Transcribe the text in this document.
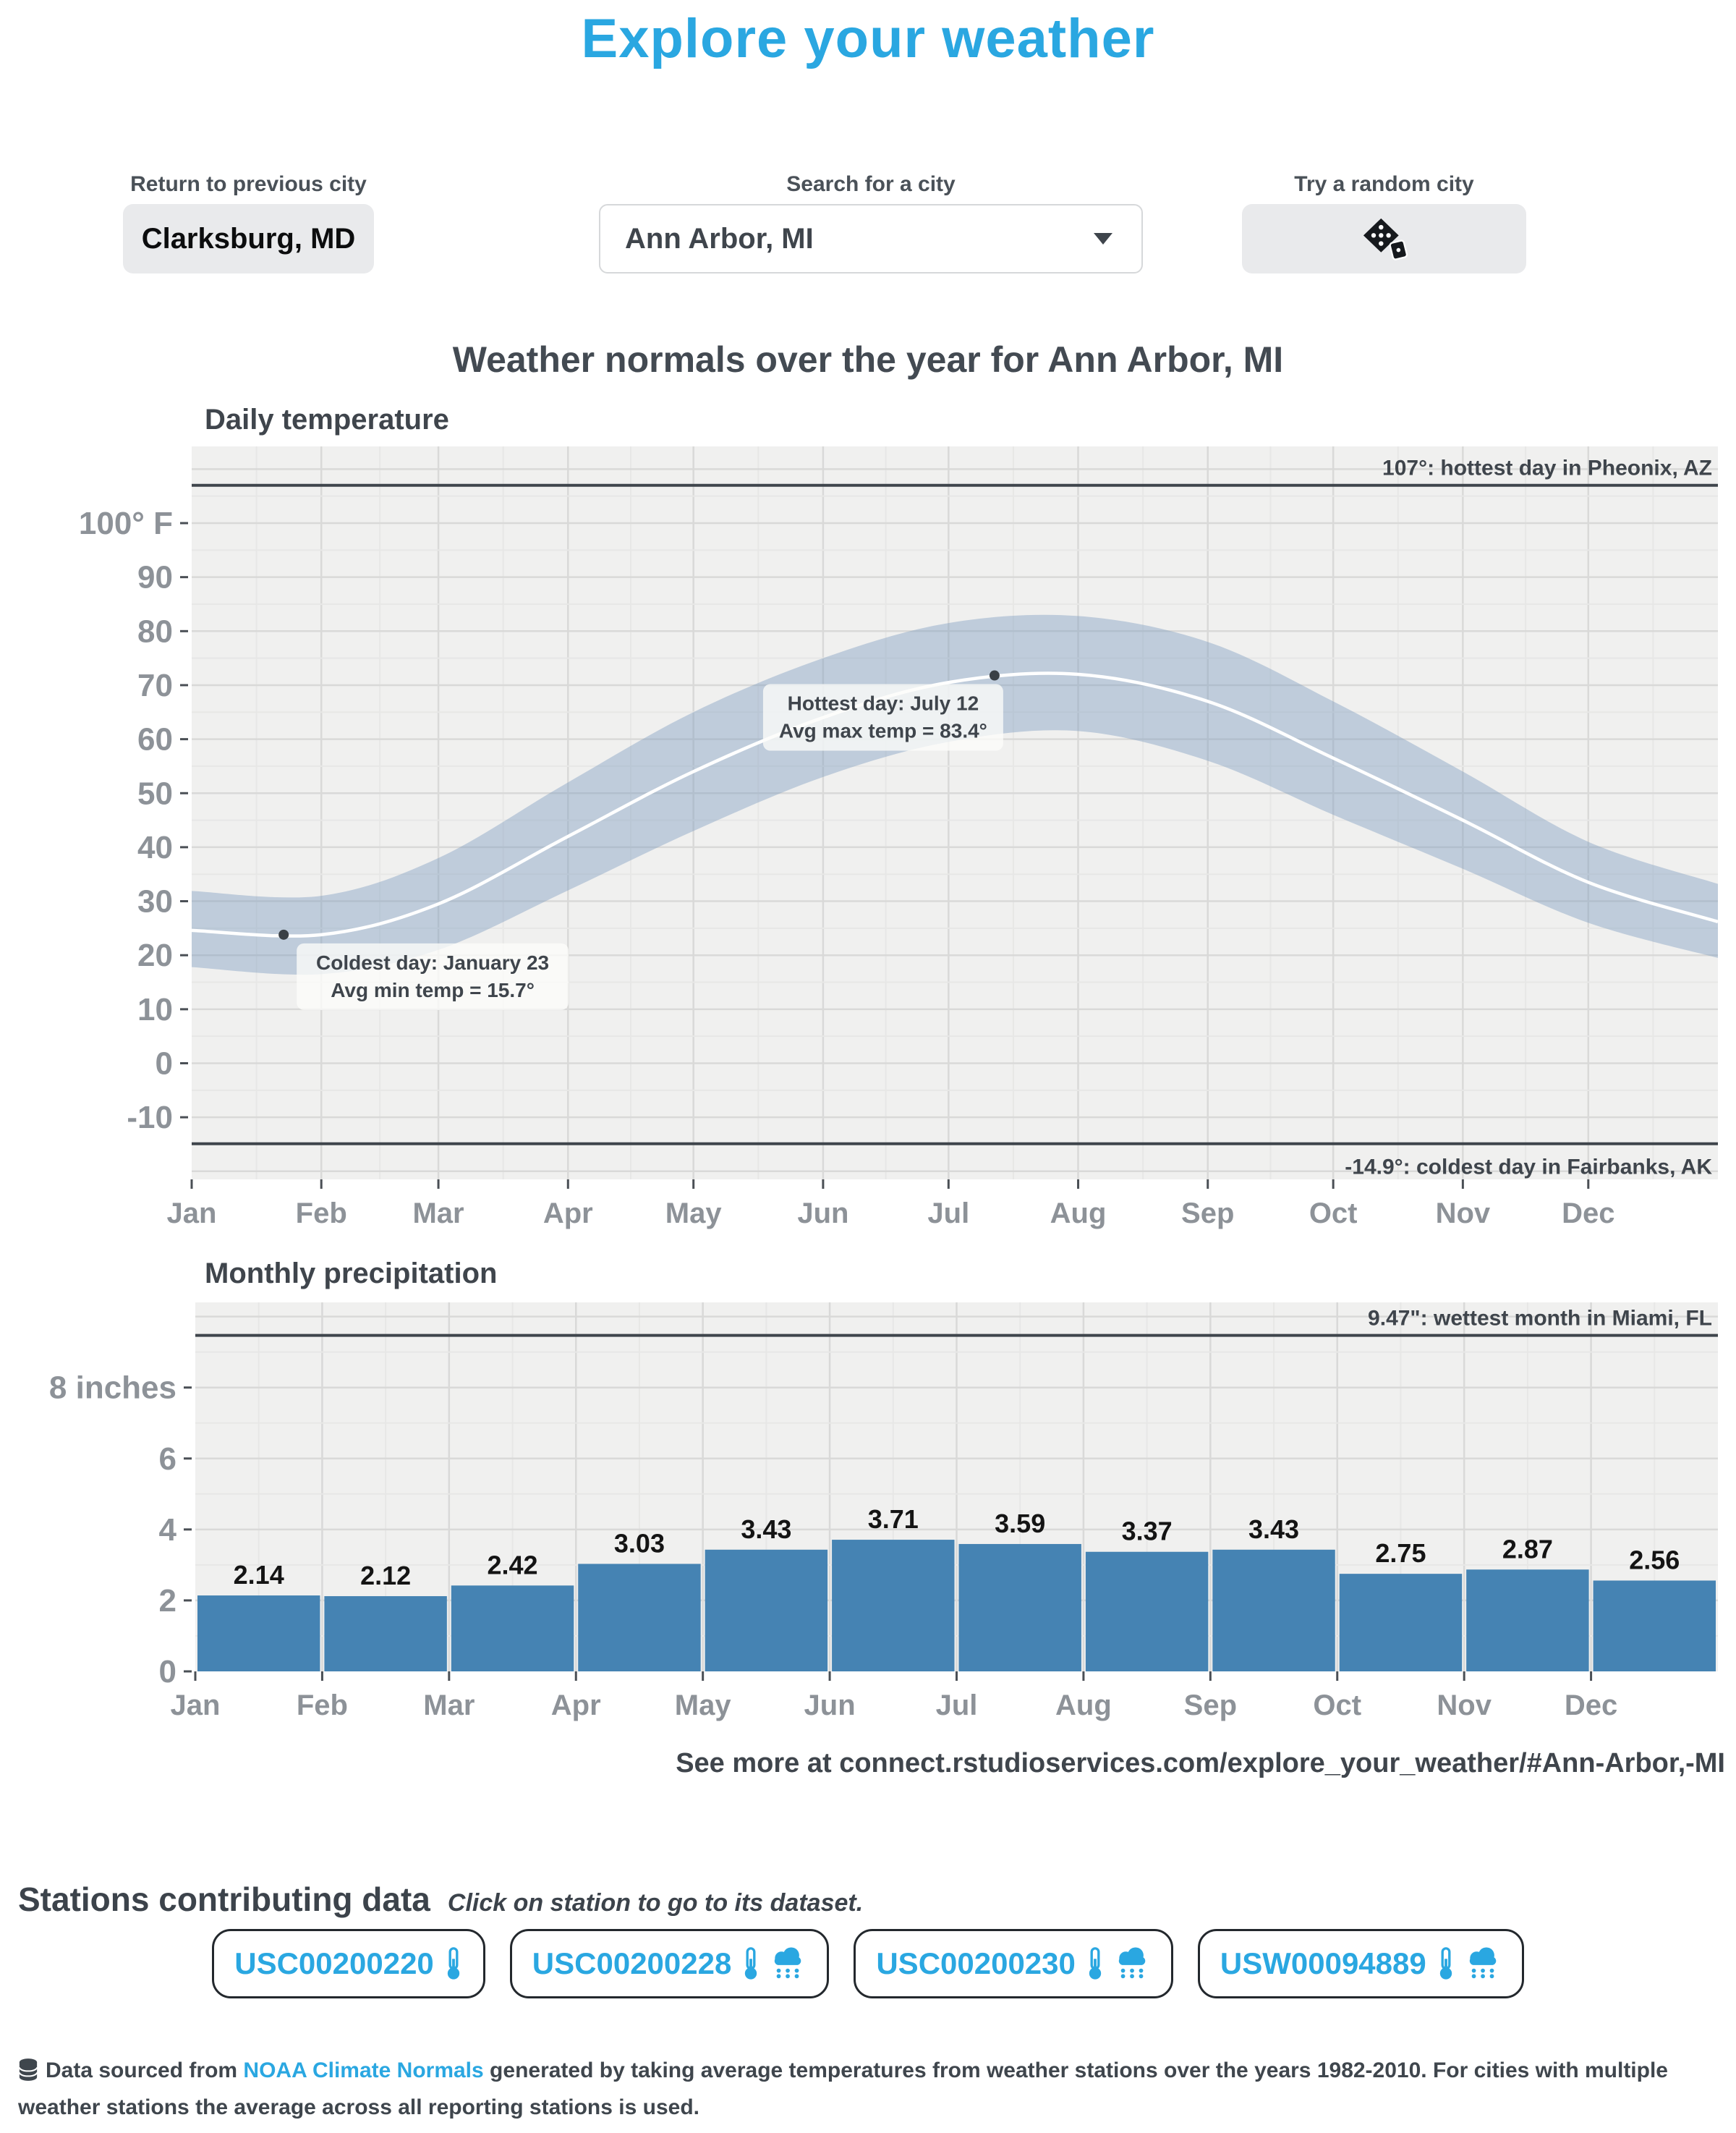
Explore your weather
Return to previous city	Search for a city	Try a random city
Clarksburg, MD	Ann Arbor, MI
Weather normals over the year for Ann Arbor, MI
Daily temperature
107°: hottest day in Pheonix, AZ
-14.9°: coldest day in Fairbanks, AK
100° F
90
80
70
60
50
40
30
20
10
0
-10
Jan	Feb Mar	Apr	May	Jun	Jul	Aug	Sep	Oct	Nov Dec
Hottest day: July 12
Avg max temp = 83.4°
Coldest day: January 23
Avg min temp = 15.7°
Monthly precipitation
2.14	2.12	2.42
3.03	3.43	3.71	3.59	3.37	3.43
2.75	2.87	2.56
9.47": wettest month in Miami, FL
0
2
4
6
8 inches
Jan	Feb	Mar	Apr	May	Jun	Jul	Aug Sep	Oct	Nov	Dec
See more at connect.rstudioservices.com/explore_your_weather/#Ann-Arbor,-MI
Stations contributing data Click on station to go to its dataset.
USC00200220	USC00200228	USC00200230	USW00094889
Data sourced from NOAA Climate Normals generated by taking average temperatures from weather stations over the years 1982-2010. For cities with multiple weather stations the average across all reporting stations is used.
